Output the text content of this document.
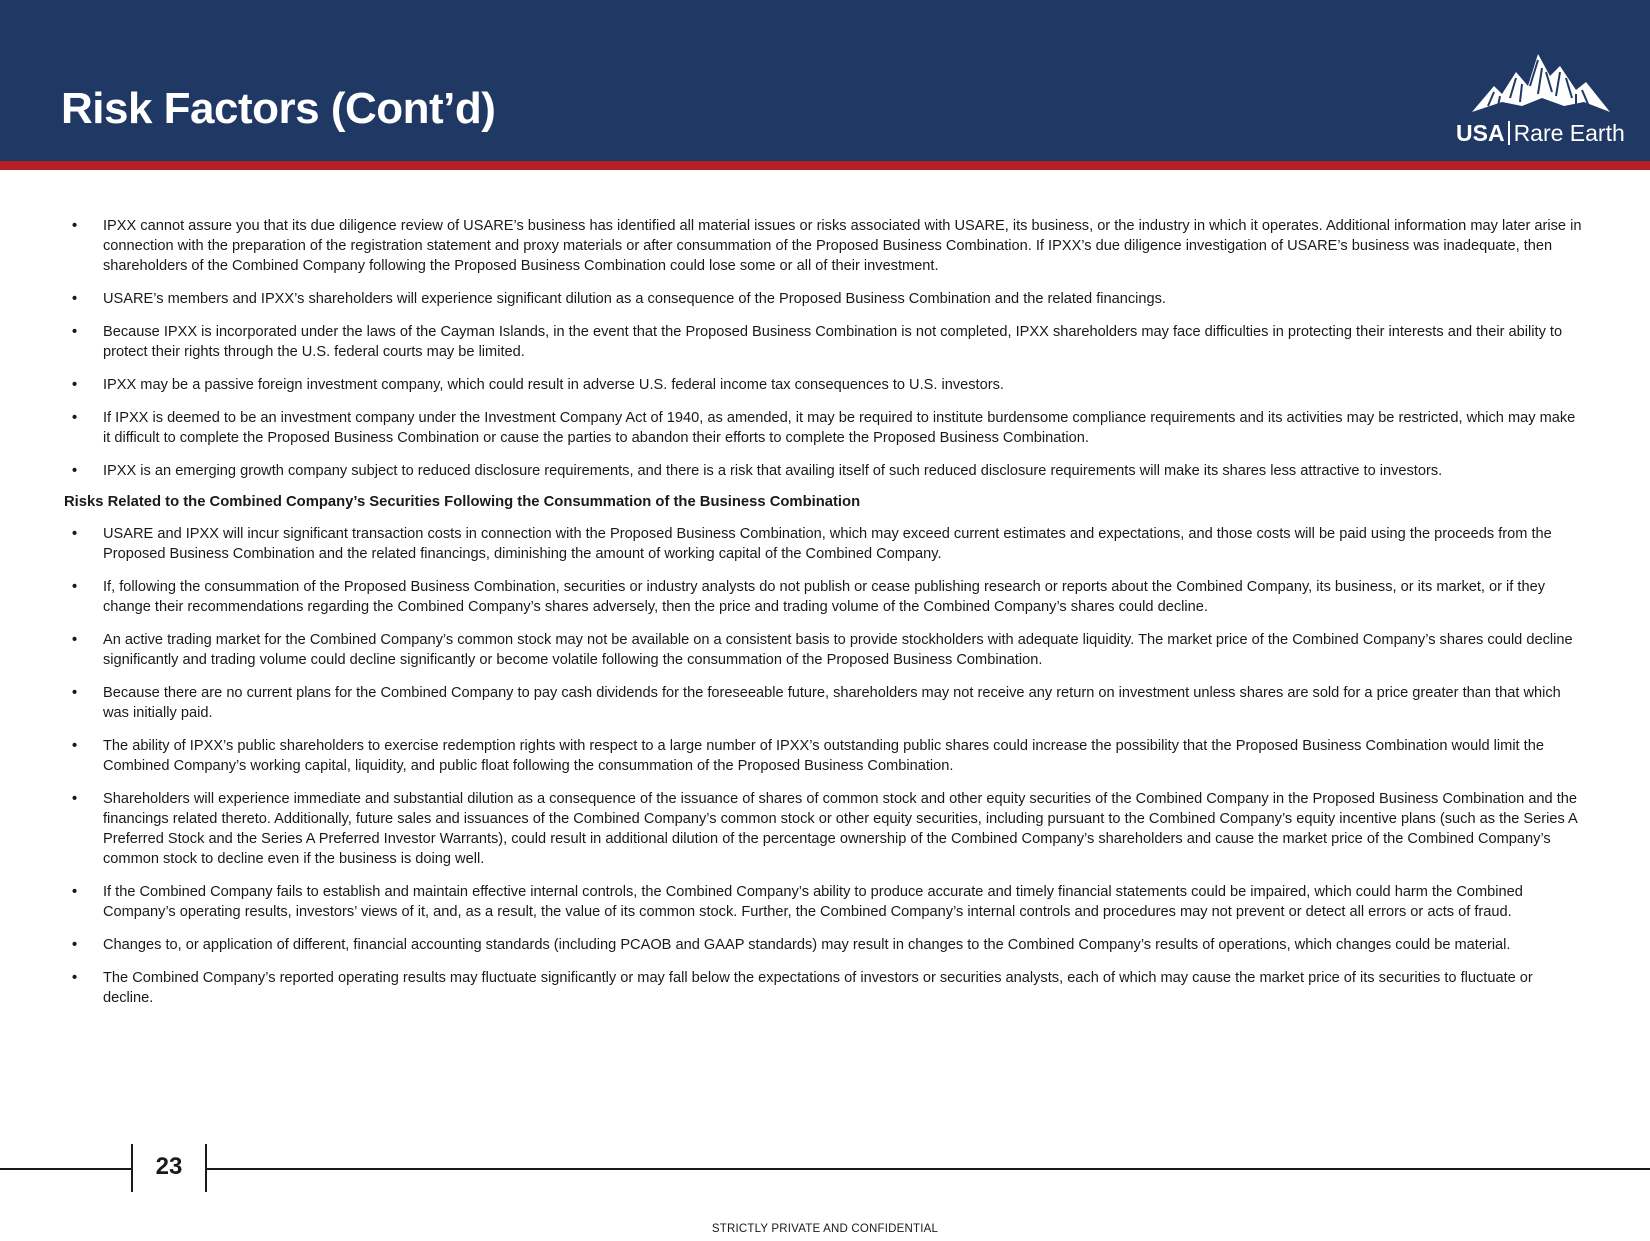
Risk Factors (Cont’d)	USA Rare Earth
• IPXX cannot assure you that its due diligence review of USARE’s business has identified all material issues or risks associated with USARE, its business, or the industry in which it operates. Additional information may later arise in connection with the preparation of the registration statement and proxy materials or after consummation of the Proposed Business Combination. If IPXX’s due diligence investigation of USARE’s business was inadequate, then shareholders of the Combined Company following the Proposed Business Combination could lose some or all of their investment.
• USARE’s members and IPXX’s shareholders will experience significant dilution as a consequence of the Proposed Business Combination and the related financings.
• Because IPXX is incorporated under the laws of the Cayman Islands, in the event that the Proposed Business Combination is not completed, IPXX shareholders may face difficulties in protecting their interests and their ability to protect their rights through the U.S. federal courts may be limited.
• IPXX may be a passive foreign investment company, which could result in adverse U.S. federal income tax consequences to U.S. investors.
• If IPXX is deemed to be an investment company under the Investment Company Act of 1940, as amended, it may be required to institute burdensome compliance requirements and its activities may be restricted, which may make it difficult to complete the Proposed Business Combination or cause the parties to abandon their efforts to complete the Proposed Business Combination.
• IPXX is an emerging growth company subject to reduced disclosure requirements, and there is a risk that availing itself of such reduced disclosure requirements will make its shares less attractive to investors.
Risks Related to the Combined Company’s Securities Following the Consummation of the Business Combination
• USARE and IPXX will incur significant transaction costs in connection with the Proposed Business Combination, which may exceed current estimates and expectations, and those costs will be paid using the proceeds from the Proposed Business Combination and the related financings, diminishing the amount of working capital of the Combined Company.
• If, following the consummation of the Proposed Business Combination, securities or industry analysts do not publish or cease publishing research or reports about the Combined Company, its business, or its market, or if they change their recommendations regarding the Combined Company’s shares adversely, then the price and trading volume of the Combined Company’s shares could decline.
• An active trading market for the Combined Company’s common stock may not be available on a consistent basis to provide stockholders with adequate liquidity. The market price of the Combined Company’s shares could decline significantly and trading volume could decline significantly or become volatile following the consummation of the Proposed Business Combination.
• Because there are no current plans for the Combined Company to pay cash dividends for the foreseeable future, shareholders may not receive any return on investment unless shares are sold for a price greater than that which was initially paid.
• The ability of IPXX’s public shareholders to exercise redemption rights with respect to a large number of IPXX’s outstanding public shares could increase the possibility that the Proposed Business Combination would limit the Combined Company’s working capital, liquidity, and public float following the consummation of the Proposed Business Combination.
• Shareholders will experience immediate and substantial dilution as a consequence of the issuance of shares of common stock and other equity securities of the Combined Company in the Proposed Business Combination and the financings related thereto. Additionally, future sales and issuances of the Combined Company’s common stock or other equity securities, including pursuant to the Combined Company’s equity incentive plans (such as the Series A Preferred Stock and the Series A Preferred Investor Warrants), could result in additional dilution of the percentage ownership of the Combined Company’s shareholders and cause the market price of the Combined Company’s common stock to decline even if the business is doing well.
• If the Combined Company fails to establish and maintain effective internal controls, the Combined Company’s ability to produce accurate and timely financial statements could be impaired, which could harm the Combined Company’s operating results, investors’ views of it, and, as a result, the value of its common stock. Further, the Combined Company’s internal controls and procedures may not prevent or detect all errors or acts of fraud.
• Changes to, or application of different, financial accounting standards (including PCAOB and GAAP standards) may result in changes to the Combined Company’s results of operations, which changes could be material.
• The Combined Company’s reported operating results may fluctuate significantly or may fall below the expectations of investors or securities analysts, each of which may cause the market price of its securities to fluctuate or decline.
23
STRICTLY PRIVATE AND CONFIDENTIAL
